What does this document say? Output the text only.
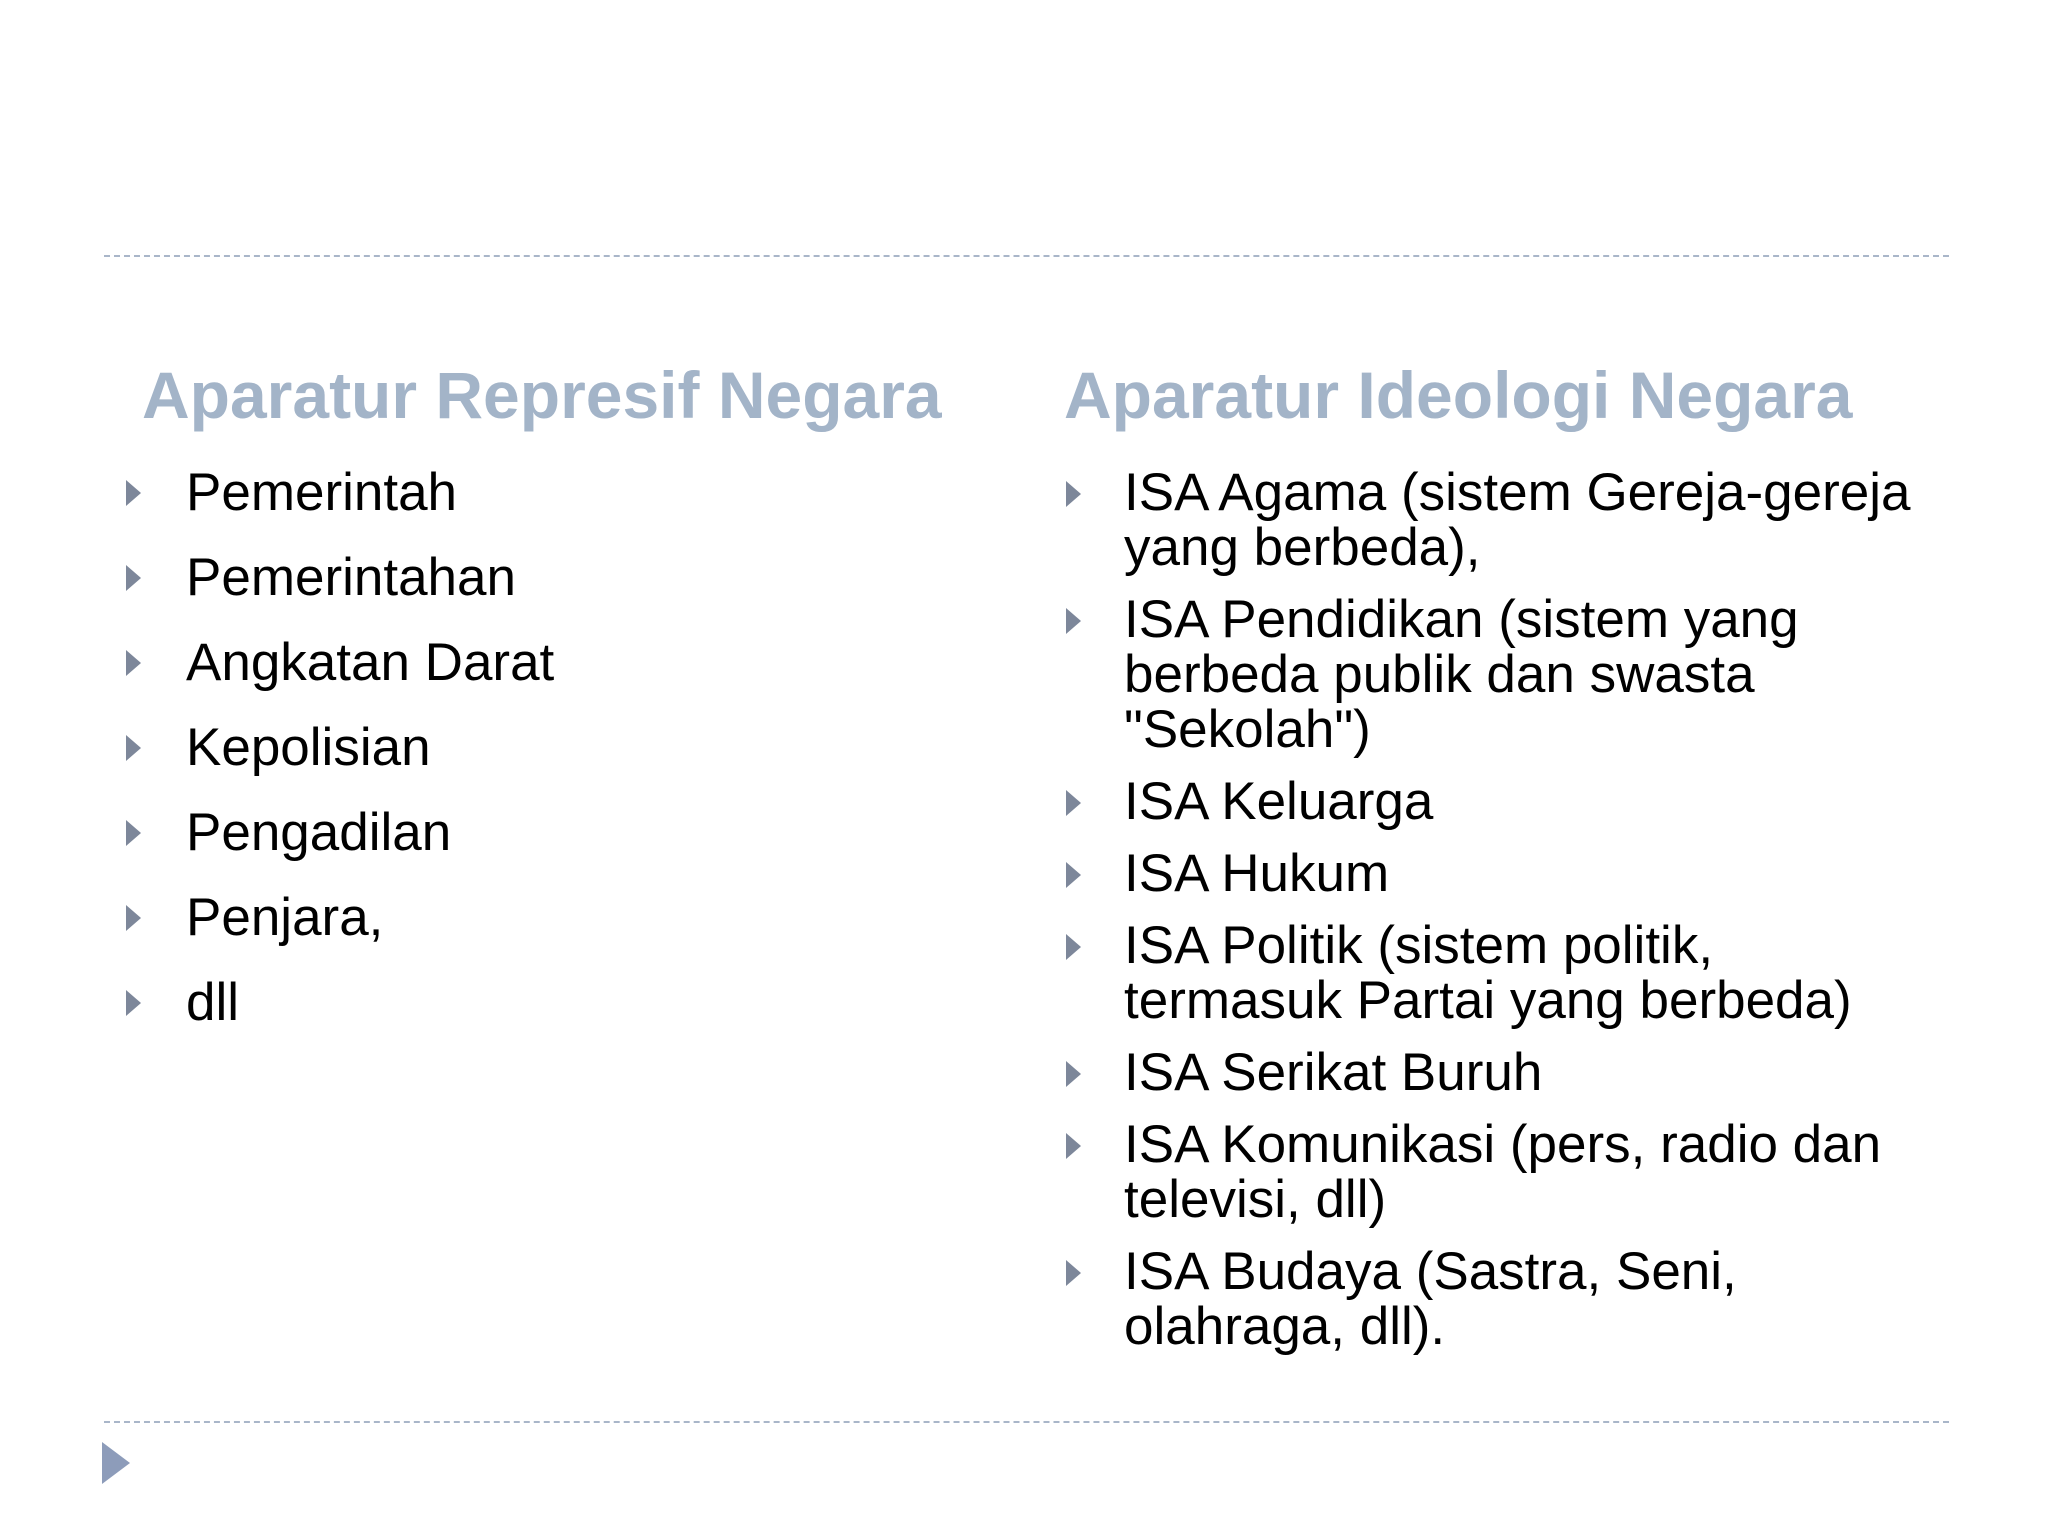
Aparatur Represif Negara
Pemerintah
Pemerintahan
Angkatan Darat
Kepolisian
Pengadilan
Penjara,
dll
Aparatur Ideologi Negara
ISA Agama (sistem Gereja-gereja yang berbeda),
ISA Pendidikan (sistem yang berbeda publik dan swasta "Sekolah")
ISA Keluarga
ISA Hukum
ISA Politik (sistem politik, termasuk Partai yang berbeda)
ISA Serikat Buruh
ISA Komunikasi (pers, radio dan televisi, dll)
ISA Budaya (Sastra, Seni, olahraga, dll).
